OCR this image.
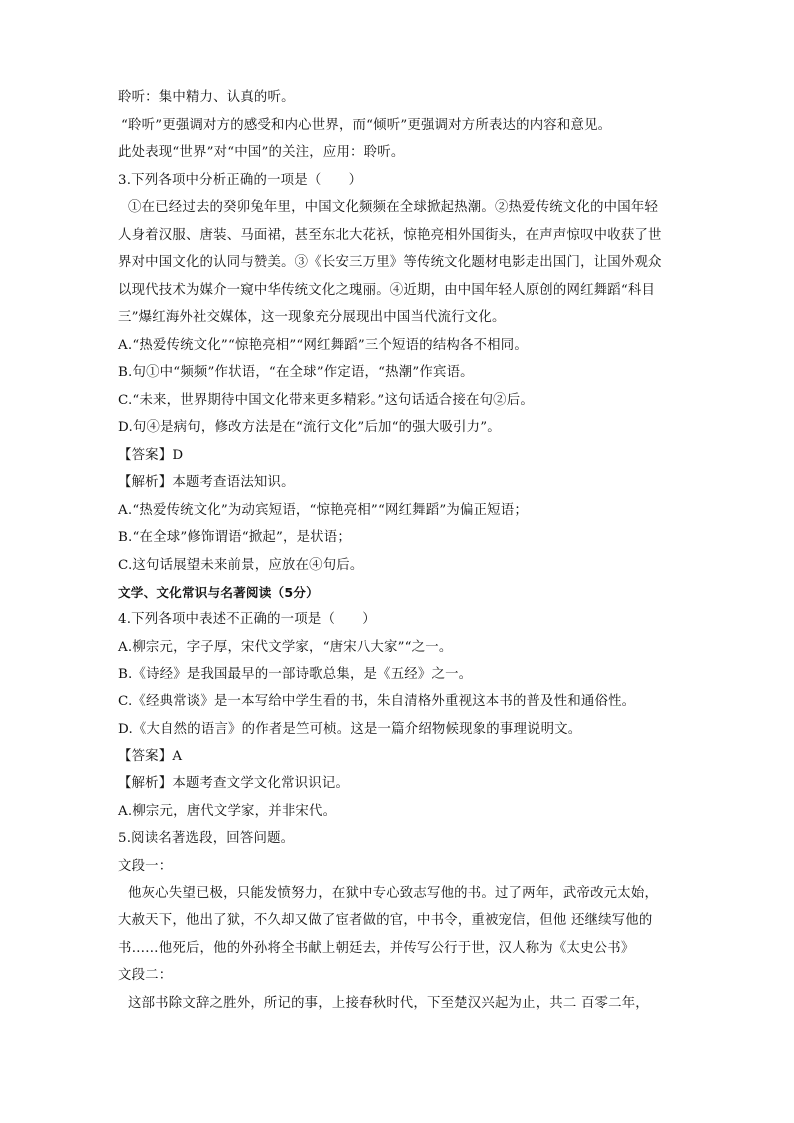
聆听：集中精力、认真的听。
“聆听”更强调对方的感受和内心世界，而“倾听”更强调对方所表达的内容和意见。
此处表现“世界”对“中国”的关注，应用：聆听。
3.下列各项中分析正确的一项是（　　）
①在已经过去的癸卯兔年里，中国文化频频在全球掀起热潮。②热爱传统文化的中国年轻
人身着汉服、唐装、马面裙，甚至东北大花袄，惊艳亮相外国街头，在声声惊叹中收获了世
界对中国文化的认同与赞美。③《长安三万里》等传统文化题材电影走出国门，让国外观众
以现代技术为媒介一窥中华传统文化之瑰丽。④近期，由中国年轻人原创的网红舞蹈“科目
三”爆红海外社交媒体，这一现象充分展现出中国当代流行文化。
A.“热爱传统文化”“惊艳亮相”“网红舞蹈”三个短语的结构各不相同。
B.句①中“频频”作状语，“在全球”作定语，“热潮”作宾语。
C.“未来，世界期待中国文化带来更多精彩。”这句话适合接在句②后。
D.句④是病句，修改方法是在“流行文化”后加“的强大吸引力”。
【答案】D
【解析】本题考查语法知识。
A.“热爱传统文化”为动宾短语，“惊艳亮相”“网红舞蹈”为偏正短语；
B.“在全球”修饰谓语“掀起”，是状语；
C.这句话展望未来前景，应放在④句后。
文学、文化常识与名著阅读（5分）
4.下列各项中表述不正确的一项是（　　）
A.柳宗元，字子厚，宋代文学家，“唐宋八大家”“之一。
B.《诗经》是我国最早的一部诗歌总集，是《五经》之一。
C.《经典常谈》是一本写给中学生看的书，朱自清格外重视这本书的普及性和通俗性。
D.《大自然的语言》的作者是竺可桢。这是一篇介绍物候现象的事理说明文。
【答案】A
【解析】本题考查文学文化常识识记。
A.柳宗元，唐代文学家，并非宋代。
5.阅读名著选段，回答问题。
文段一：
他灰心失望已极，只能发愤努力，在狱中专心致志写他的书。过了两年，武帝改元太始，
大赦天下，他出了狱，不久却又做了宦者做的官，中书令，重被宠信，但他 还继续写他的
书……他死后，他的外孙将全书献上朝廷去，并传写公行于世，汉人称为《太史公书》
文段二：
这部书除文辞之胜外，所记的事，上接春秋时代，下至楚汉兴起为止，共二 百零二年，
